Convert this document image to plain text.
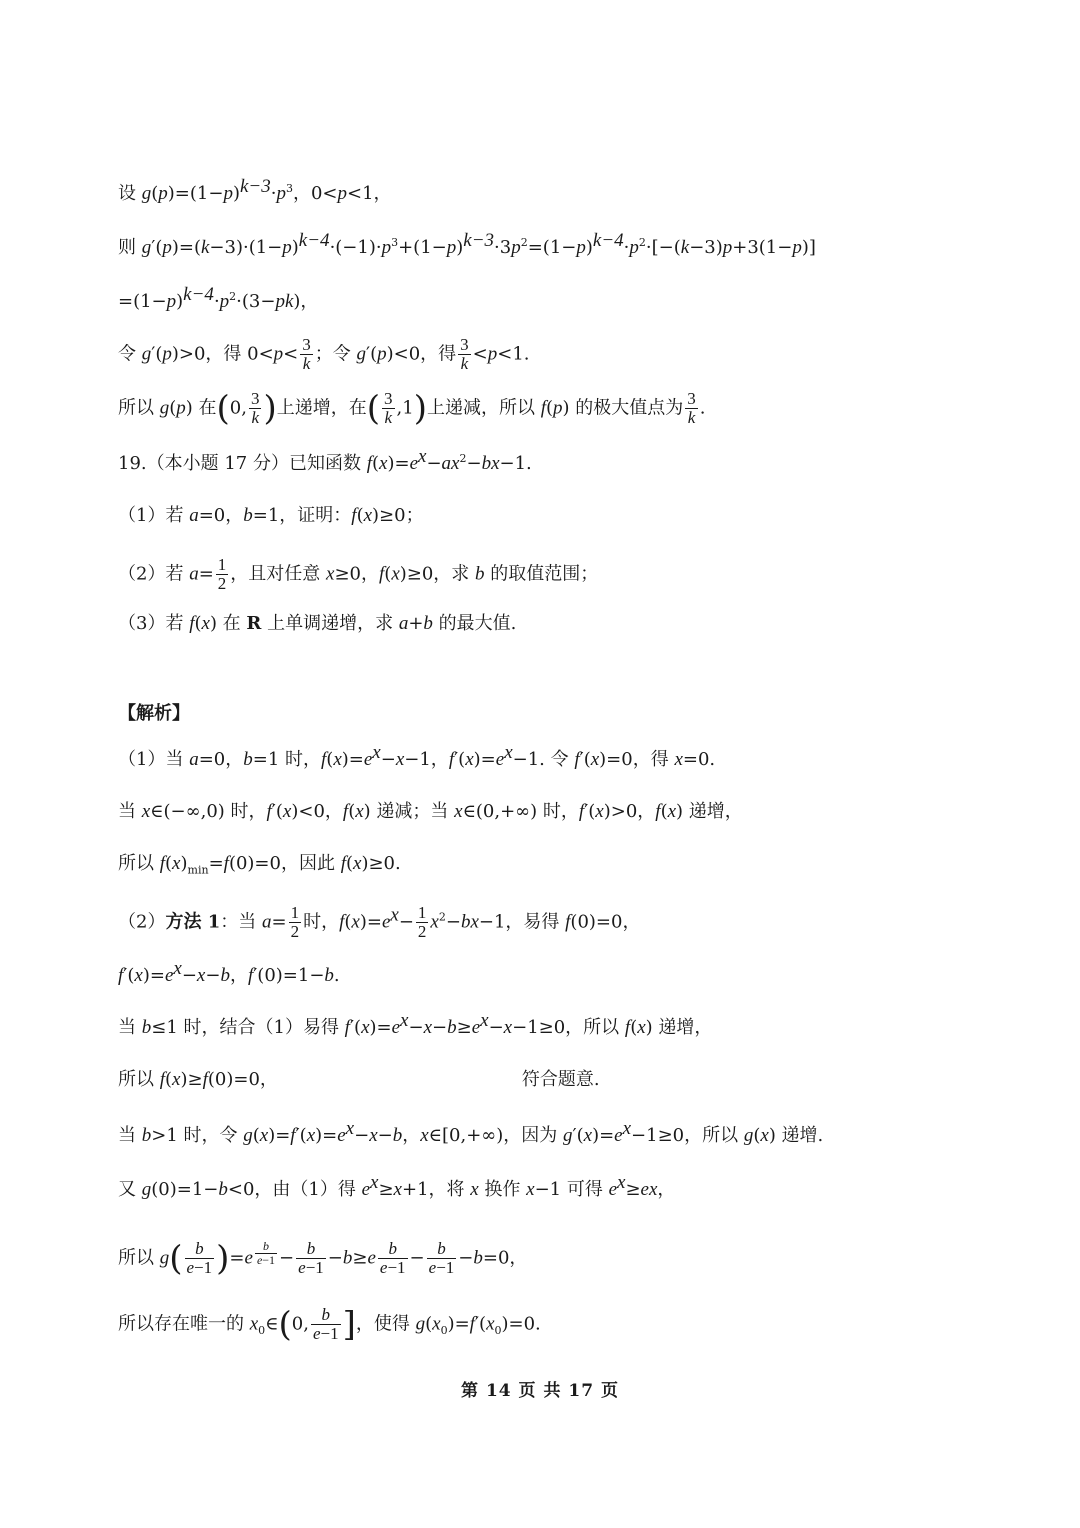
设 $g(p)=(1-p)^{k-3}\cdot p^3$，0<p<1，
则 $g'(p)=(k-3)\cdot(1-p)^{k-4}\cdot(-1)\cdot p^3+(1-p)^{k-3}\cdot 3p^2=(1-p)^{k-4}\cdot p^2\cdot[-(k-3)p+3(1-p)]$
$=(1-p)^{k-4}\cdot p^2\cdot(3-pk)$，
令 g′(p)>0，得 $0<p< \frac{3}{k}$ ；令 g′(p)<0，得 $\frac{3}{k} <p<1$.
所以 g(p) 在(0, $\frac{3}{k}$ )上递增，在( $\frac{3}{k} ,1$)上递减，所以 f(p) 的极大值点为 $\frac{3}{k}$ .
19.（本小题 17 分）已知函数 $f(x)=e^x-ax^2-bx-1$.
（1）若 a=0，b=1，证明：f(x)≥0；
（2）若 $a= \frac{1}{2}$ ，且对任意 x≥0，f(x)≥0，求 b 的取值范围；
（3）若 f(x) 在 R 上单调递增，求 a+b 的最大值.
【解析】
（1）当 a=0，b=1 时，$f(x)=e^x-x-1$，$f'(x)=e^x-1$. 令 f′(x)=0，得 x=0.
当 x∈(−∞,0) 时，f′(x)<0，f(x) 递减；当 x∈(0,+∞) 时，f′(x)>0，f(x) 递增，
所以 $f(x)_{min}=f(0)=0$，因此 f(x)≥0.
（2）方法 1：当 $a= \frac{1}{2}$ 时，$f(x)=e^x- \frac{1}{2} x^2-bx-1$，易得 f(0)=0，
$f'(x)=e^x-x-b$，f′(0)=1−b.
当 b≤1 时，结合（1）易得 $f'(x)=e^x-x-b\ge e^x-x-1\ge 0$，所以 f(x) 递增，
所以 f(x)≥f(0)=0，	符合题意.
当 b>1 时，令 $g(x)=f'(x)=e^x-x-b$，x∈[0,+∞)，因为 $g'(x)=e^x-1\ge 0$，所以 g(x) 递增.
又 g(0)=1−b<0，由（1）得 $e^x\ge x+1$，将 x 换作 x−1 可得 $e^x\ge ex$，
所以 $g( \frac{b}{e-1} )=e$ $^{\frac{b}{e-1}} - \frac{b}{e-1} -b\ge e \frac{b}{e-1} - \frac{b}{e-1} -b=0$，
所以存在唯一的 $x_0\in(0$, $\frac{b}{e-1}$ ]，使得 $g(x_0)=f'(x_0)=0$.
第 14 页 共 17 页
